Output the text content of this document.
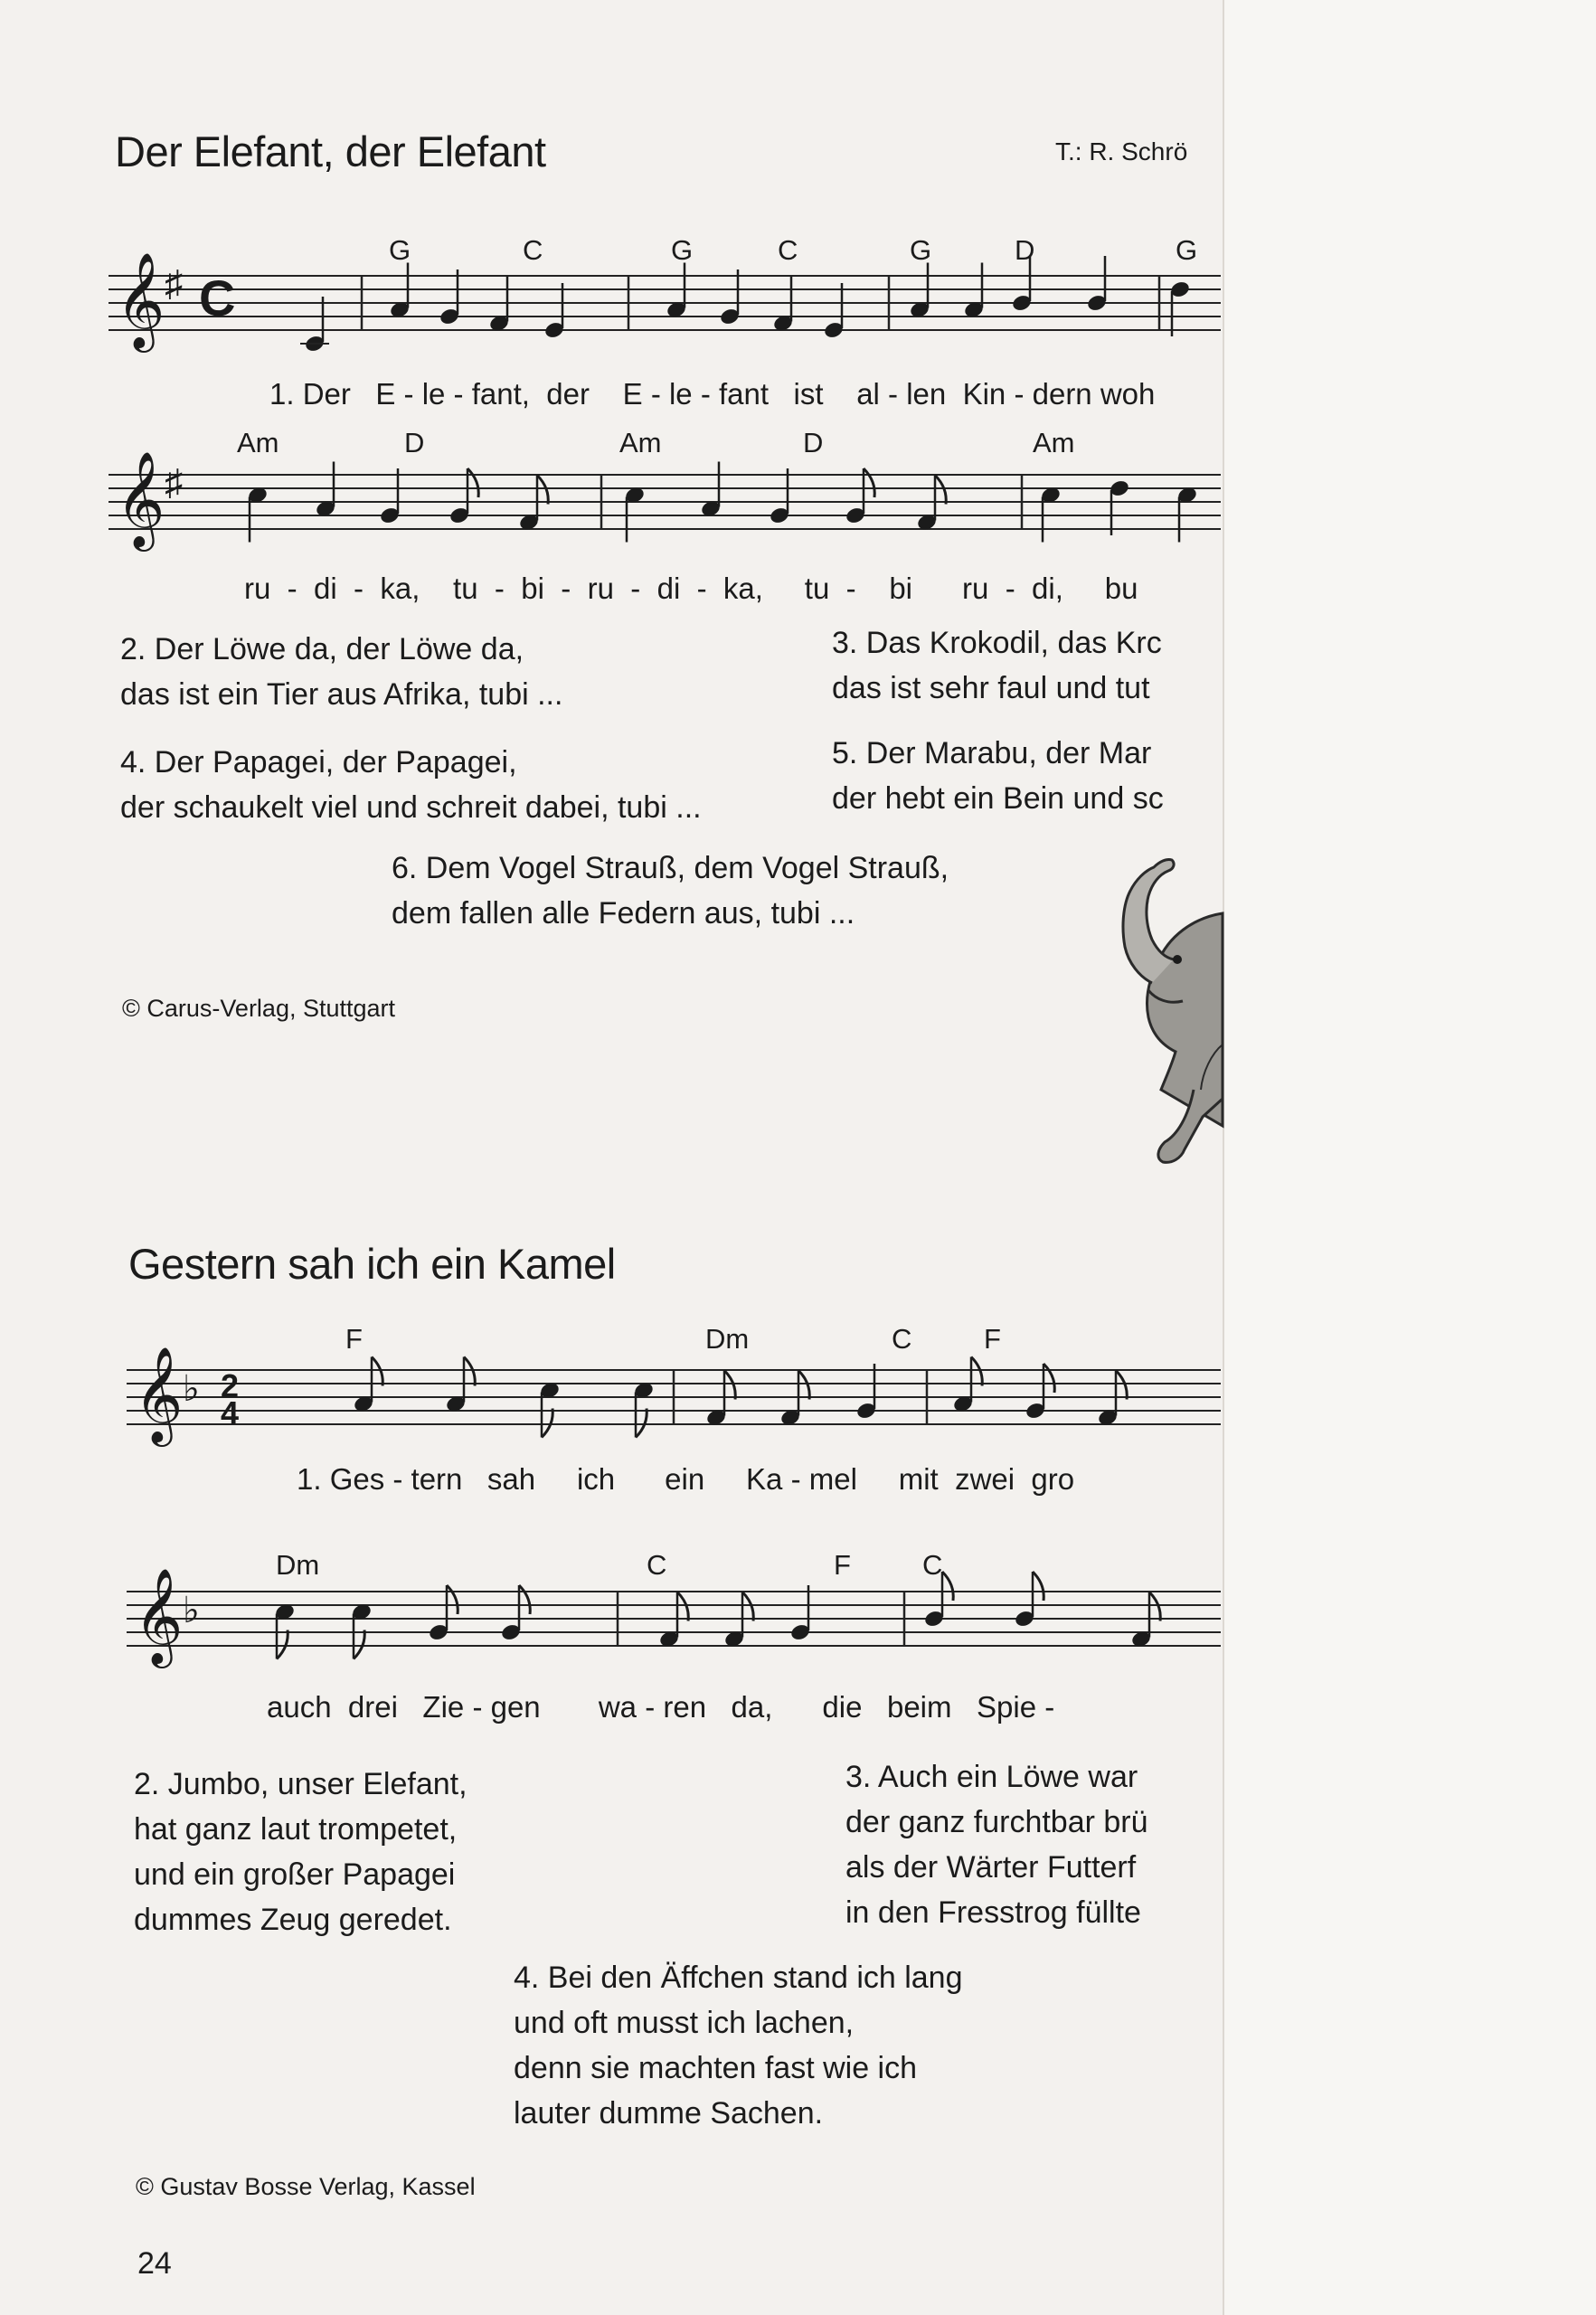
Der Elefant, der Elefant	T.: R. Schrö
𝄞 ♯ C
G	C	G	C	G	D	G
1. Der   E - le - fant,  der    E - le - fant   ist    al - len  Kin - dern woh
𝄞 ♯
Am	D	Am	D	Am
ru  -  di  -  ka,    tu  -  bi  -  ru  -  di  -  ka,     tu  -    bi      ru  -  di,     bu
2. Der Löwe da, der Löwe da,
das ist ein Tier aus Afrika, tubi ...
3. Das Krokodil, das Krc
das ist sehr faul und tut
4. Der Papagei, der Papagei,
der schaukelt viel und schreit dabei, tubi ...
5. Der Marabu, der Mar
der hebt ein Bein und sc
6. Dem Vogel Strauß, dem Vogel Strauß,
dem fallen alle Federn aus, tubi ...
© Carus-Verlag, Stuttgart
Gestern sah ich ein Kamel
𝄞 ♭ 2
4
F	Dm	C	F
1. Ges - tern   sah     ich      ein     Ka - mel     mit  zwei  gro
𝄞 ♭
Dm	C	F	C
auch  drei   Zie - gen       wa - ren   da,      die   beim   Spie -
2. Jumbo, unser Elefant,
hat ganz laut trompetet,
und ein großer Papagei
dummes Zeug geredet.
3. Auch ein Löwe war
der ganz furchtbar brü
als der Wärter Futterf
in den Fresstrog füllte
4. Bei den Äffchen stand ich lang
und oft musst ich lachen,
denn sie machten fast wie ich
lauter dumme Sachen.
© Gustav Bosse Verlag, Kassel
24
